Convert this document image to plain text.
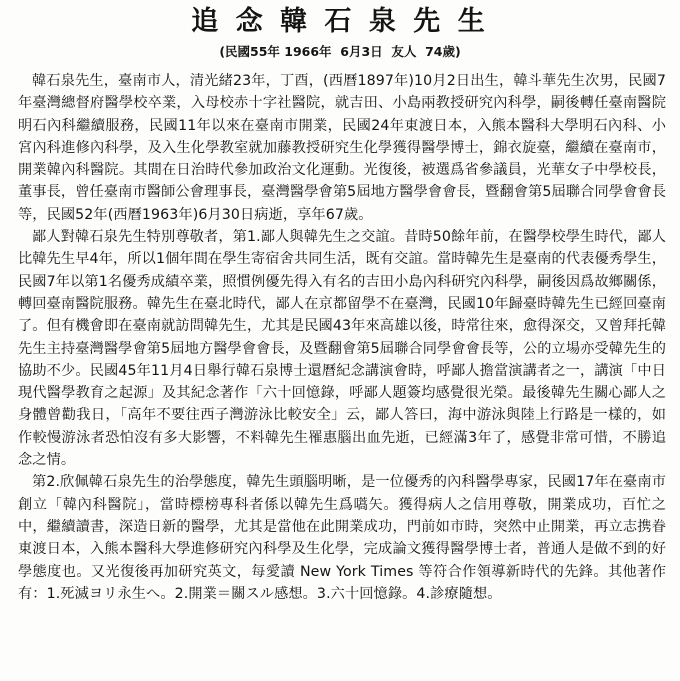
追 念 韓 石 泉 先 生
(民國55年 1966年  6月3日  友人  74歲)

韓石泉先生，臺南市人，清光緒23年，丁酉，(西曆1897年)10月2日出生，韓斗華先生次男，民國7年臺灣總督府醫學校卒業，入母校赤十字社醫院，就吉田、小島兩教授研究內科學，嗣後轉任臺南醫院明石內科繼續服務，民國11年以來在臺南市開業，民國24年東渡日本，入熊本醫科大學明石內科、小宮內科進修內科學，及入生化學教室就加藤教授研究生化學獲得醫學博士，錦衣旋臺，繼續在臺南市，開業韓內科醫院。其間在日治時代參加政治文化運動。光復後，被選爲省參議員，光華女子中學校長，董事長，曾任臺南市醫師公會理事長，臺灣醫學會第5屆地方醫學會會長，暨翻會第5屆聯合同學會會長等，民國52年(西曆1963年)6月30日病逝，享年67歲。

鄙人對韓石泉先生特別尊敬者，第1.鄙人與韓先生之交誼。昔時50餘年前，在醫學校學生時代，鄙人比韓先生早4年，所以1個年間在學生寄宿舍共同生活，既有交誼。當時韓先生是臺南的代表優秀學生，民國7年以第1名優秀成績卒業，照慣例優先得入有名的吉田小島內科研究內科學，嗣後因爲故鄉關係，轉回臺南醫院服務。韓先生在臺北時代，鄙人在京都留學不在臺灣，民國10年歸臺時韓先生已經回臺南了。但有機會即在臺南就訪問韓先生，尤其是民國43年來高雄以後，時常往來，愈得深交，又曾拜托韓先生主持臺灣醫學會第5屆地方醫學會會長，及暨翻會第5屆聯合同學會會長等，公的立場亦受韓先生的協助不少。民國45年11月4日舉行韓石泉博士還曆紀念講演會時，呼鄙人擔當演講者之一，講演「中日現代醫學教育之起源」及其紀念著作「六十回憶錄，呼鄙人題簽均感覺很光榮。最後韓先生關心鄙人之身體曾勸我日，「高年不要往西子灣游泳比較安全」云，鄙人答曰，海中游泳與陸上行路是一樣的，如作較慢游泳者恐怕沒有多大影響，不料韓先生罹惠腦出血先逝，已經滿3年了，感覺非常可惜，不勝追念之情。

第2.欣佩韓石泉先生的治學態度，韓先生頭腦明晰，是一位優秀的內科醫學專家，民國17年在臺南市創立「韓內科醫院」，當時標榜專科者係以韓先生爲嚆矢。獲得病人之信用尊敬，開業成功，百忙之中，繼續讀書，深造日新的醫學，尤其是當他在此開業成功，門前如市時，突然中止開業，再立志携眷東渡日本，入熊本醫科大學進修研究內科學及生化學，完成論文獲得醫學博士者，普通人是做不到的好學態度也。又光復後再加研究英文，每愛讀 New York Times 等符合作領導新時代的先鋒。其他著作有：1.死滅ヨリ永生へ。2.開業＝關スル感想。3.六十回憶錄。4.診療隨想。
